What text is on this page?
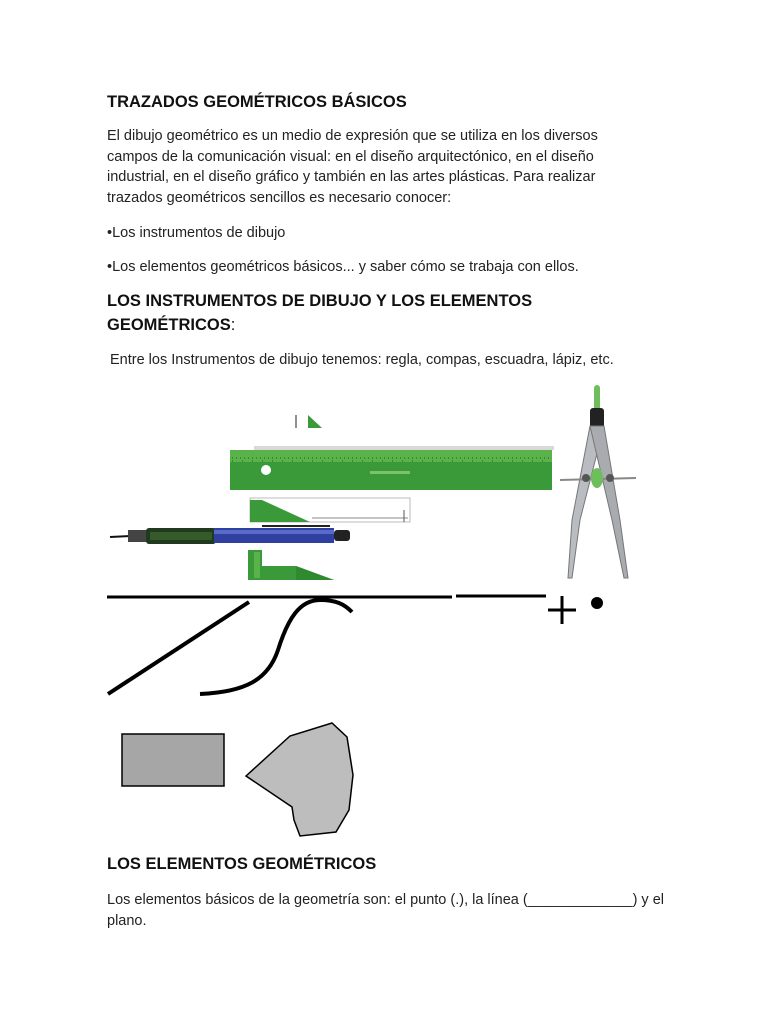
TRAZADOS GEOMÉTRICOS BÁSICOS

El dibujo geométrico es un medio de expresión que se utiliza en los diversos campos de la comunicación visual: en el diseño arquitectónico, en el diseño industrial, en el diseño gráfico y también en las artes plásticas. Para realizar trazados geométricos sencillos es necesario conocer:

•Los instrumentos de dibujo

•Los elementos geométricos básicos... y saber cómo se trabaja con ellos.

LOS INSTRUMENTOS DE DIBUJO Y LOS ELEMENTOS
GEOMÉTRICOS:

Entre los Instrumentos de dibujo tenemos: regla, compas, escuadra, lápiz, etc.

LOS ELEMENTOS GEOMÉTRICOS

Los elementos básicos de la geometría son: el punto (.), la línea (_____________) y el plano.
